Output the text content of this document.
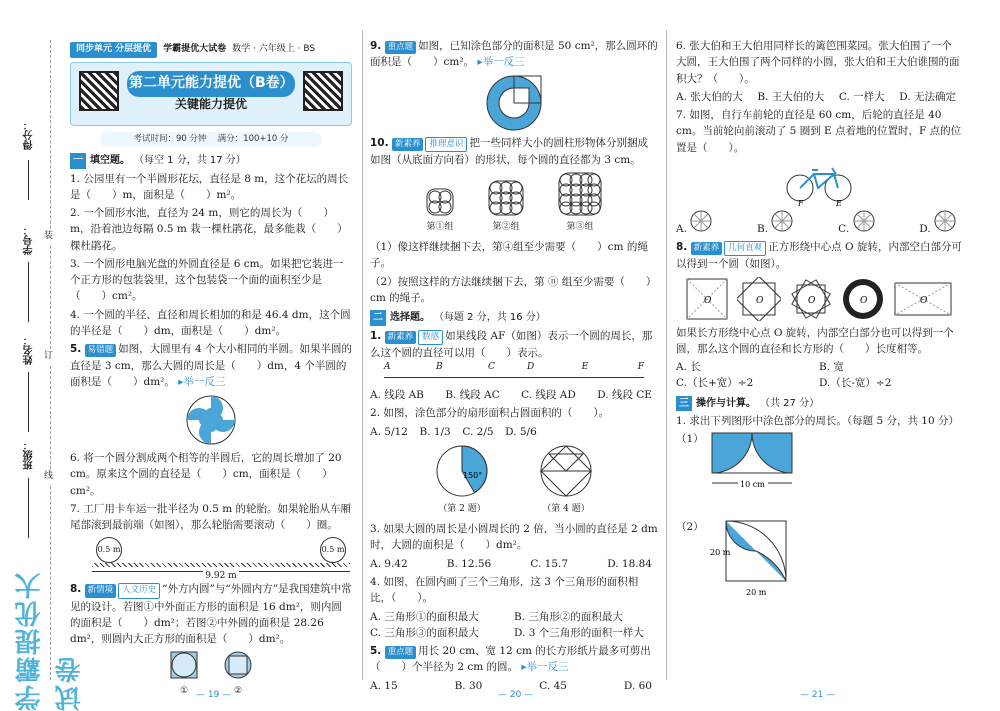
得分：
学号：
姓名：
班级：
装
订
线
学霸提优大试卷
同步单元 分层提优	学霸提优大试卷 数学 · 六年级上 · BS
第二单元能力提优（B卷）
关键能力提优
考试时间：90 分钟　 满分：100+10 分
一 填空题。 （每空 1 分，共 17 分）

1. 公园里有一个半圆形花坛，直径是 8 m，这个花坛的周长是（　　）m，面积是（　　）m²。

2. 一个圆形水池，直径为 24 m，则它的周长为（　　）m，沿着池边每隔 0.5 m 栽一棵杜鹃花，最多能栽（　　）棵杜鹃花。

3. 一个圆形电脑光盘的外圆直径是 6 cm。如果把它装进一个正方形的包装袋里，这个包装袋一个面的面积至少是（　　）cm²。

4. 一个圆的半径、直径和周长相加的和是 46.4 dm，这个圆的半径是（　　）dm，面积是（　　）dm²。

5. 易错题 如图，大圆里有 4 个大小相同的半圆。如果半圆的直径是 3 cm，那么大圆的周长是（　　）dm，4 个半圆的面积是（　　）dm²。 ▸举一反三

6. 将一个圆分割成两个相等的半圆后，它的周长增加了 20 cm。原来这个圆的直径是（　　）cm，面积是（　　）cm²。

7. 工厂用卡车运一批半径为 0.5 m 的轮胎。如果轮胎从车厢尾部滚到最前端（如图），那么轮胎需要滚动（　　）圈。

0.5 m	0.5 m
9.92 m

8. 新情境 人文历史 “外方内圆”与“外圆内方”是我国建筑中常见的设计。若图①中外面正方形的面积是 16 dm²，则内圆的面积是（　　）dm²；若图②中外圆的面积是 28.26 dm²，则圆内大正方形的面积是（　　）dm²。

①	②
— 19 —

9. 重点题 如图，已知涂色部分的面积是 50 cm²，那么圆环的面积是（　　）cm²。 ▸举一反三

10. 新素养 推理意识 把一些同样大小的圆柱形物体分别捆成如图（从底面方向看）的形状，每个圆的直径都为 3 cm。

第①组	第②组	第③组

（1）像这样继续捆下去，第④组至少需要（　　）cm 的绳子。

（2）按照这样的方法继续捆下去，第 ⓝ 组至少需要（　　）cm 的绳子。

二 选择题。 （每题 2 分，共 16 分）

1. 新素养 数感 如果线段 AF（如图）表示一个圆的周长，那么这个圆的直径可以用（　　）表示。

A	B	C	D	E	F
A. 线段 AB B. 线段 AC C. 线段 AD D. 线段 CE

2. 如图，涂色部分的扇形面积占圆面积的（　　）。

A. 5/12 B. 1/3 C. 2/5 D. 5/6
150°
（第 2 题）	（第 4 题）

3. 如果大圆的周长是小圆周长的 2 倍，当小圆的直径是 2 dm 时，大圆的面积是（　　）dm²。

A. 9.42	B. 12.56	C. 15.7	D. 18.84

4. 如图，在圆内画了三个三角形，这 3 个三角形的面积相比，（　　）。

A. 三角形①的面积最大	B. 三角形②的面积最大
C. 三角形③的面积最大	D. 3 个三角形的面积一样大

5. 重点题 用长 20 cm、宽 12 cm 的长方形纸片最多可剪出（　　）个半径为 2 cm 的圆。 ▸举一反三

A. 15	B. 30	C. 45	D. 60
— 20 —

6. 张大伯和王大伯用同样长的篱笆围菜园。张大伯围了一个大圆，王大伯围了两个同样的小圆，张大伯和王大伯谁围的面积大？（　　）。

A. 张大伯的大 B. 王大伯的大 C. 一样大 D. 无法确定

7. 如图，自行车前轮的直径是 60 cm，后轮的直径是 40 cm。当前轮向前滚动了 5 圈到 E 点着地的位置时，F 点的位置是（　　）。

F	E
A.	B.	C.	D.

8. 新素养 几何直观 正方形绕中心点 O 旋转，内部空白部分可以得到一个圆（如图）。

O	O	O	O	O

如果长方形绕中心点 O 旋转，内部空白部分也可以得到一个圆，那么这个圆的直径和长方形的（　　）长度相等。

A. 长	B. 宽
C.（长+宽）÷2	D.（长-宽）÷2
三 操作与计算。 （共 27 分）

1. 求出下列图形中涂色部分的周长。（每题 5 分，共 10 分）

（1）
10 cm
（2）
20 m
20 m
— 21 —
